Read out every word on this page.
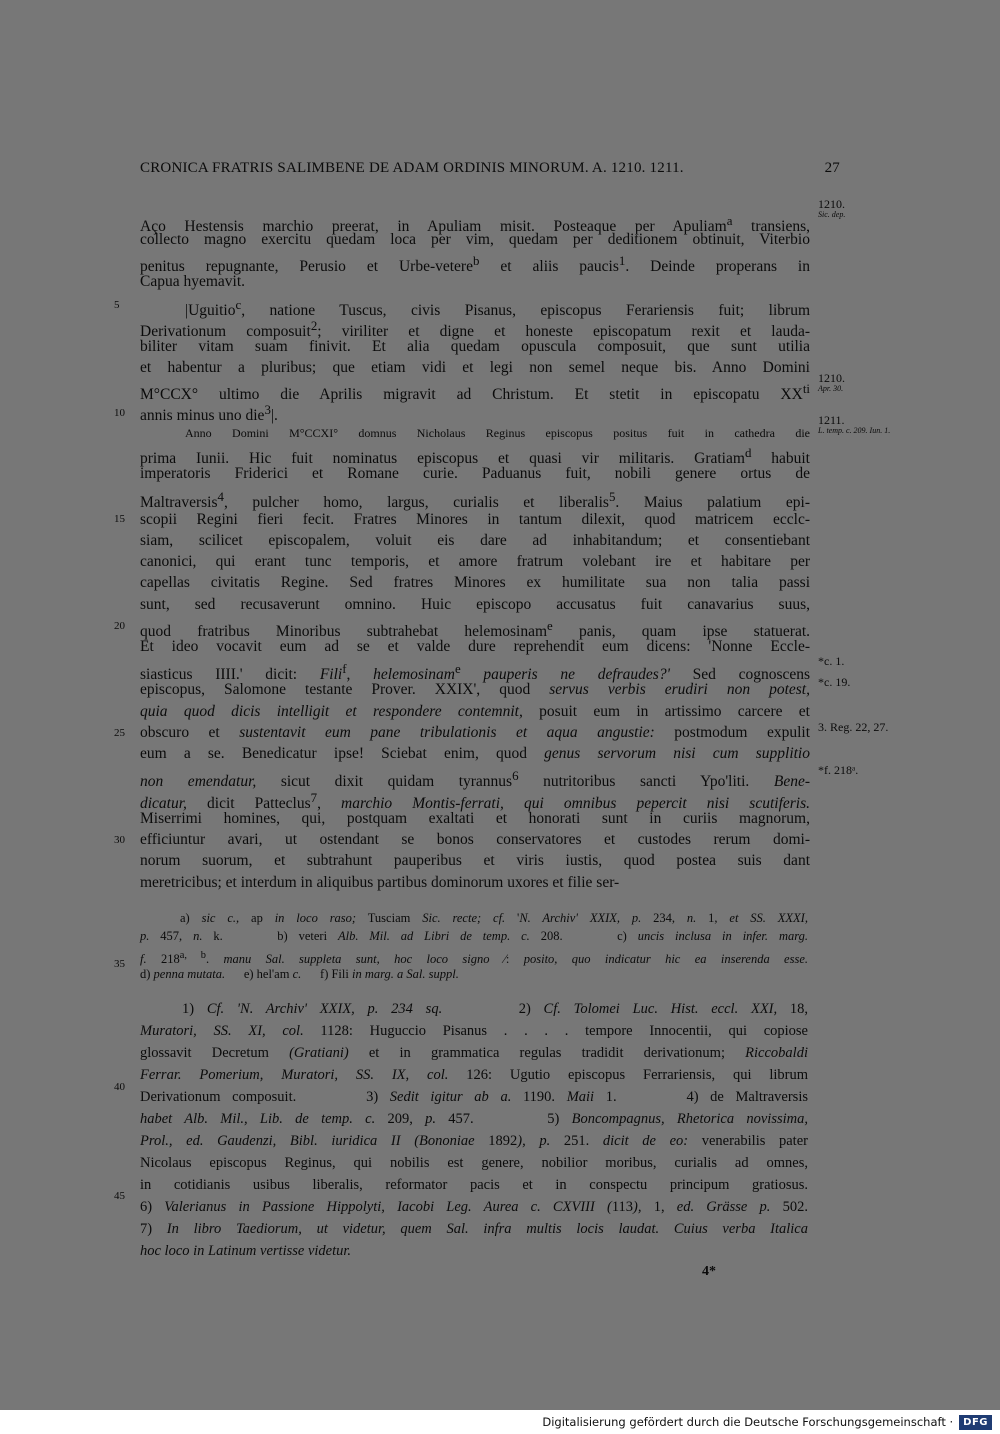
CRONICA FRATRIS SALIMBENE DE ADAM ORDINIS MINORUM. A. 1210. 1211.	27
Aço Hestensis marchio preerat, in Apuliam misit. Posteaque per Apuliam$^a$ transiens,
collecto magno exercitu quedam loca per vim, quedam per deditionem obtinuit, Viterbio
penitus repugnante, Perusio et Urbe-vetere$^b$ et aliis paucis$^1$. Deinde properans in
Capua hyemavit.
|Uguitio$^c$, natione Tuscus, civis Pisanus, episcopus Ferariensis fuit; librum
Derivationum composuit$^2$; viriliter et digne et honeste episcopatum rexit et lauda-
biliter vitam suam finivit. Et alia quedam opuscula composuit, que sunt utilia
et habentur a pluribus; que etiam vidi et legi non semel neque bis. Anno Domini
M°CCX° ultimo die Aprilis migravit ad Christum. Et stetit in episcopatu $XX^{ti}$
annis minus uno die$^3$|.
Anno Domini M°CCXI° domnus Nicholaus Reginus episcopus positus fuit in cathedra die
prima Iunii. Hic fuit nominatus episcopus et quasi vir militaris. Gratiam$^d$ habuit
imperatoris Friderici et Romane curie. Paduanus fuit, nobili genere ortus de
Maltraversis$^4$, pulcher homo, largus, curialis et liberalis$^5$. Maius palatium epi-
scopii Regini fieri fecit. Fratres Minores in tantum dilexit, quod matricem ecclc-
siam, scilicet episcopalem, voluit eis dare ad inhabitandum; et consentiebant
canonici, qui erant tunc temporis, et amore fratrum volebant ire et habitare per
capellas civitatis Regine. Sed fratres Minores ex humilitate sua non talia passi
sunt, sed recusaverunt omnino. Huic episcopo accusatus fuit canavarius suus,
quod fratribus Minoribus subtrahebat helemosinam$^e$ panis, quam ipse statuerat.
Et ideo vocavit eum ad se et valde dure reprehendit eum dicens: 'Nonne Eccle-
siasticus IIII.' dicit: Fili$^f$, helemosinam$^e$ pauperis ne defraudes?' Sed cognoscens
episcopus, Salomone testante Prover. XXIX', quod servus verbis erudiri non potest,
quia quod dicis intelligit et respondere contemnit, posuit eum in artissimo carcere et
obscuro et sustentavit eum pane tribulationis et aqua angustie: postmodum expulit
eum a se. Benedicatur ipse! Sciebat enim, quod genus servorum nisi cum supplitio
non emendatur, sicut dixit quidam tyrannus$^6$ nutritoribus sancti Ypo'liti. Bene-
dicatur, dicit Patteclus$^7$, marchio Montis-ferrati, qui omnibus pepercit nisi scutiferis.
Miserrimi homines, qui, postquam exaltati et honorati sunt in curiis magnorum,
efficiuntur avari, ut ostendant se bonos conservatores et custodes rerum domi-
norum suorum, et subtrahunt pauperibus et viris iustis, quod postea suis dant
meretricibus; et interdum in aliquibus partibus dominorum uxores et filie ser-
5
10
15
20
25
30
35
40
45
1210.
Sic. dep.
1210.
Apr. 30.
1211.
L. temp. c. 209. Iun. 1.
*c. 1.
*c. 19.
3. Reg. 22, 27.
*f. 218ᵃ.
a) sic c., ap in loco raso; Tusciam Sic. recte; cf. 'N. Archiv' XXIX, p. 234, n. 1, et SS. XXXI,
p. 457, n. k.     b) veteri Alb. Mil. ad Libri de temp. c. 208.     c) uncis inclusa in infer. marg.
f. 218$^{a, b}$. manu Sal. suppleta sunt, hoc loco signo ⁄: posito, quo indicatur hic ea inserenda esse.
d) penna mutata.      e) hel'am c.      f) Fili in marg. a Sal. suppl.
1) Cf. 'N. Archiv' XXIX, p. 234 sq.      2) Cf. Tolomei Luc. Hist. eccl. XXI, 18,
Muratori, SS. XI, col. 1128: Huguccio Pisanus . . . . tempore Innocentii, qui copiose
glossavit Decretum (Gratiani) et in grammatica regulas tradidit derivationum; Riccobaldi
Ferrar. Pomerium, Muratori, SS. IX, col. 126: Ugutio episcopus Ferrariensis, qui librum
Derivationum composuit.      3) Sedit igitur ab a. 1190. Maii 1.      4) de Maltraversis
habet Alb. Mil., Lib. de temp. c. 209, p. 457.      5) Boncompagnus, Rhetorica novissima,
Prol., ed. Gaudenzi, Bibl. iuridica II (Bononiae 1892), p. 251. dicit de eo: venerabilis pater
Nicolaus episcopus Reginus, qui nobilis est genere, nobilior moribus, curialis ad omnes,
in cotidianis usibus liberalis, reformator pacis et in conspectu principum gratiosus.
6) Valerianus in Passione Hippolyti, Iacobi Leg. Aurea c. CXVIII (113), 1, ed. Grässe p. 502.
7) In libro Taediorum, ut videtur, quem Sal. infra multis locis laudat. Cuius verba Italica
hoc loco in Latinum vertisse videtur.
4*
Digitalisierung gefördert durch die Deutsche Forschungsgemeinschaft ·	DFG
